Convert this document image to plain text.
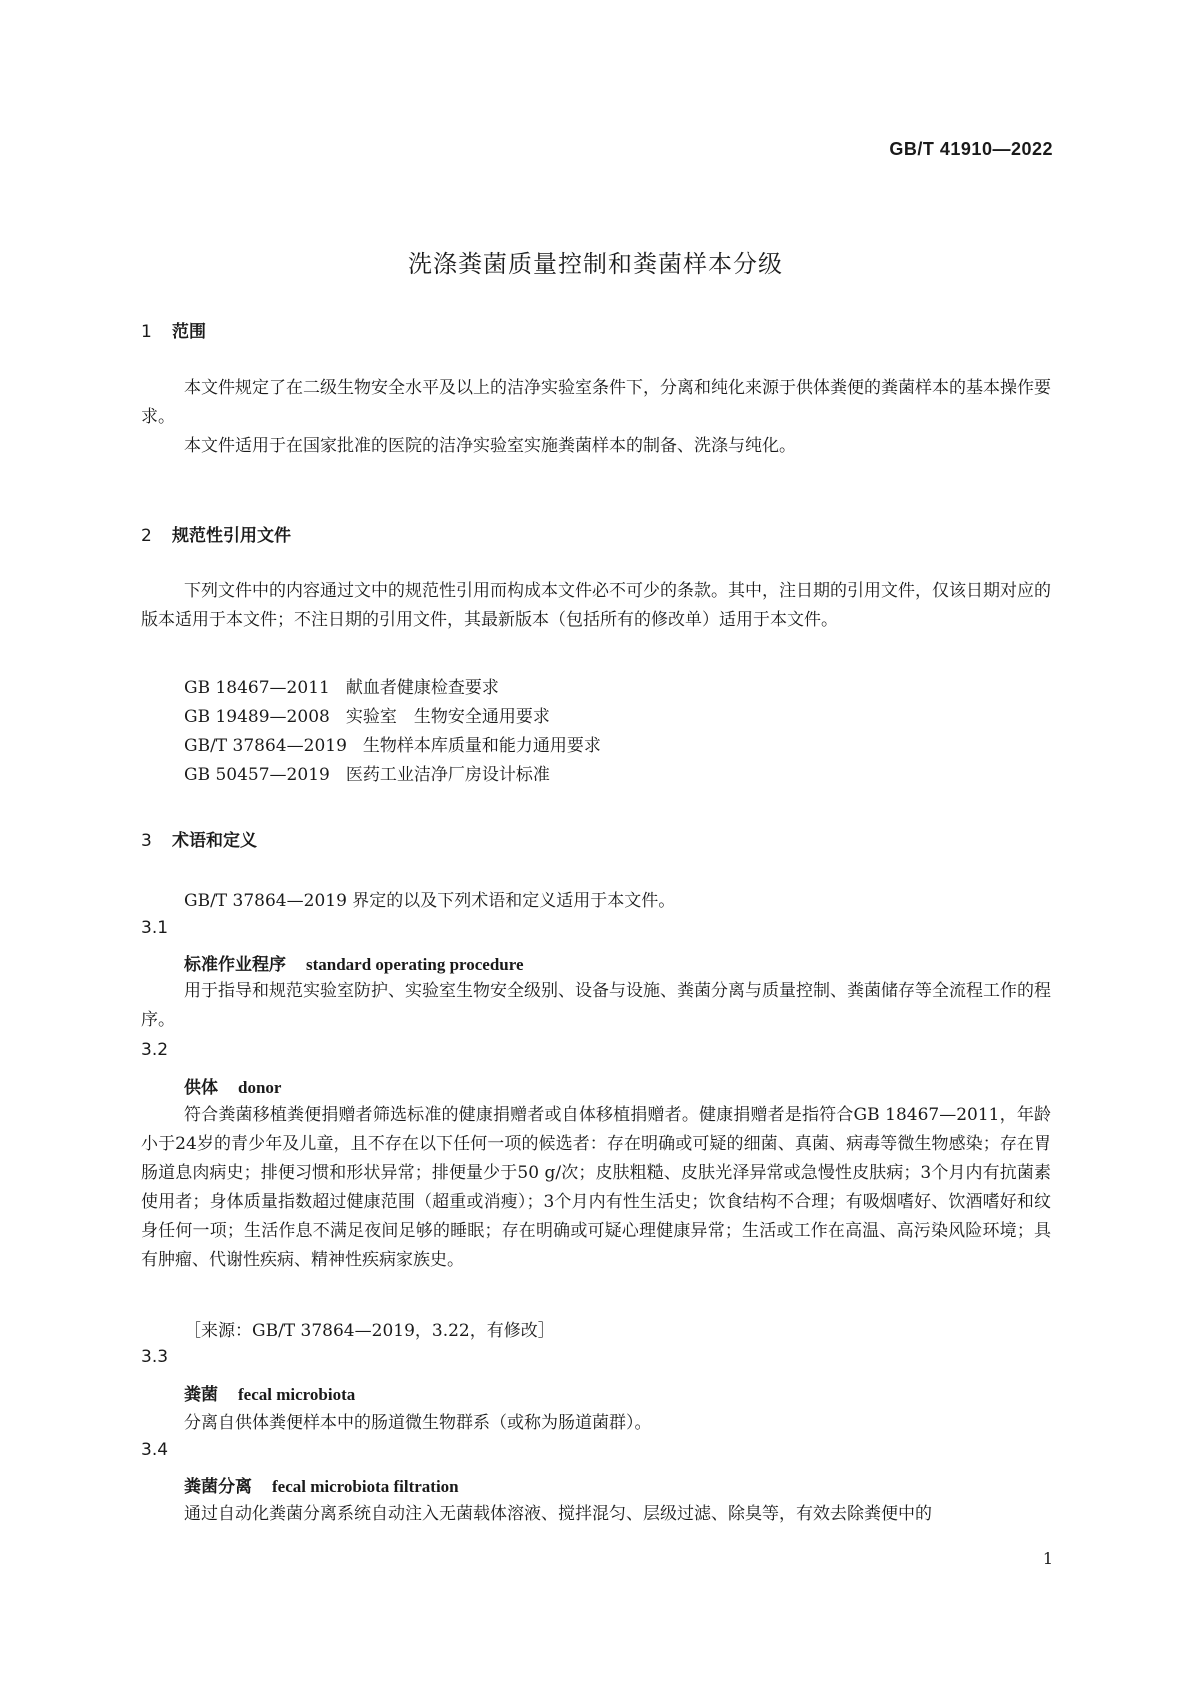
GB/T 41910—2022
洗涤粪菌质量控制和粪菌样本分级
1 范围

本文件规定了在二级生物安全水平及以上的洁净实验室条件下，分离和纯化来源于供体粪便的粪菌样本的基本操作要求。

本文件适用于在国家批准的医院的洁净实验室实施粪菌样本的制备、洗涤与纯化。

2 规范性引用文件

下列文件中的内容通过文中的规范性引用而构成本文件必不可少的条款。其中，注日期的引用文件，仅该日期对应的版本适用于本文件；不注日期的引用文件，其最新版本（包括所有的修改单）适用于本文件。

GB 18467—2011 献血者健康检查要求
GB 19489—2008 实验室　生物安全通用要求
GB/T 37864—2019 生物样本库质量和能力通用要求
GB 50457—2019 医药工业洁净厂房设计标准
3 术语和定义
GB/T 37864—2019 界定的以及下列术语和定义适用于本文件。
3.1
标准作业程序 standard operating procedure

用于指导和规范实验室防护、实验室生物安全级别、设备与设施、粪菌分离与质量控制、粪菌储存等全流程工作的程序。

3.2
供体 donor

符合粪菌移植粪便捐赠者筛选标准的健康捐赠者或自体移植捐赠者。健康捐赠者是指符合GB 18467—2011，年龄小于24岁的青少年及儿童，且不存在以下任何一项的候选者：存在明确或可疑的细菌、真菌、病毒等微生物感染；存在胃肠道息肉病史；排便习惯和形状异常；排便量少于50 g/次；皮肤粗糙、皮肤光泽异常或急慢性皮肤病；3个月内有抗菌素使用者；身体质量指数超过健康范围（超重或消瘦）；3个月内有性生活史；饮食结构不合理；有吸烟嗜好、饮酒嗜好和纹身任何一项；生活作息不满足夜间足够的睡眠；存在明确或可疑心理健康异常；生活或工作在高温、高污染风险环境；具有肿瘤、代谢性疾病、精神性疾病家族史。

［来源：GB/T 37864—2019，3.22，有修改］
3.3
粪菌 fecal microbiota

分离自供体粪便样本中的肠道微生物群系（或称为肠道菌群）。

3.4
粪菌分离 fecal microbiota filtration

通过自动化粪菌分离系统自动注入无菌载体溶液、搅拌混匀、层级过滤、除臭等，有效去除粪便中的

1
